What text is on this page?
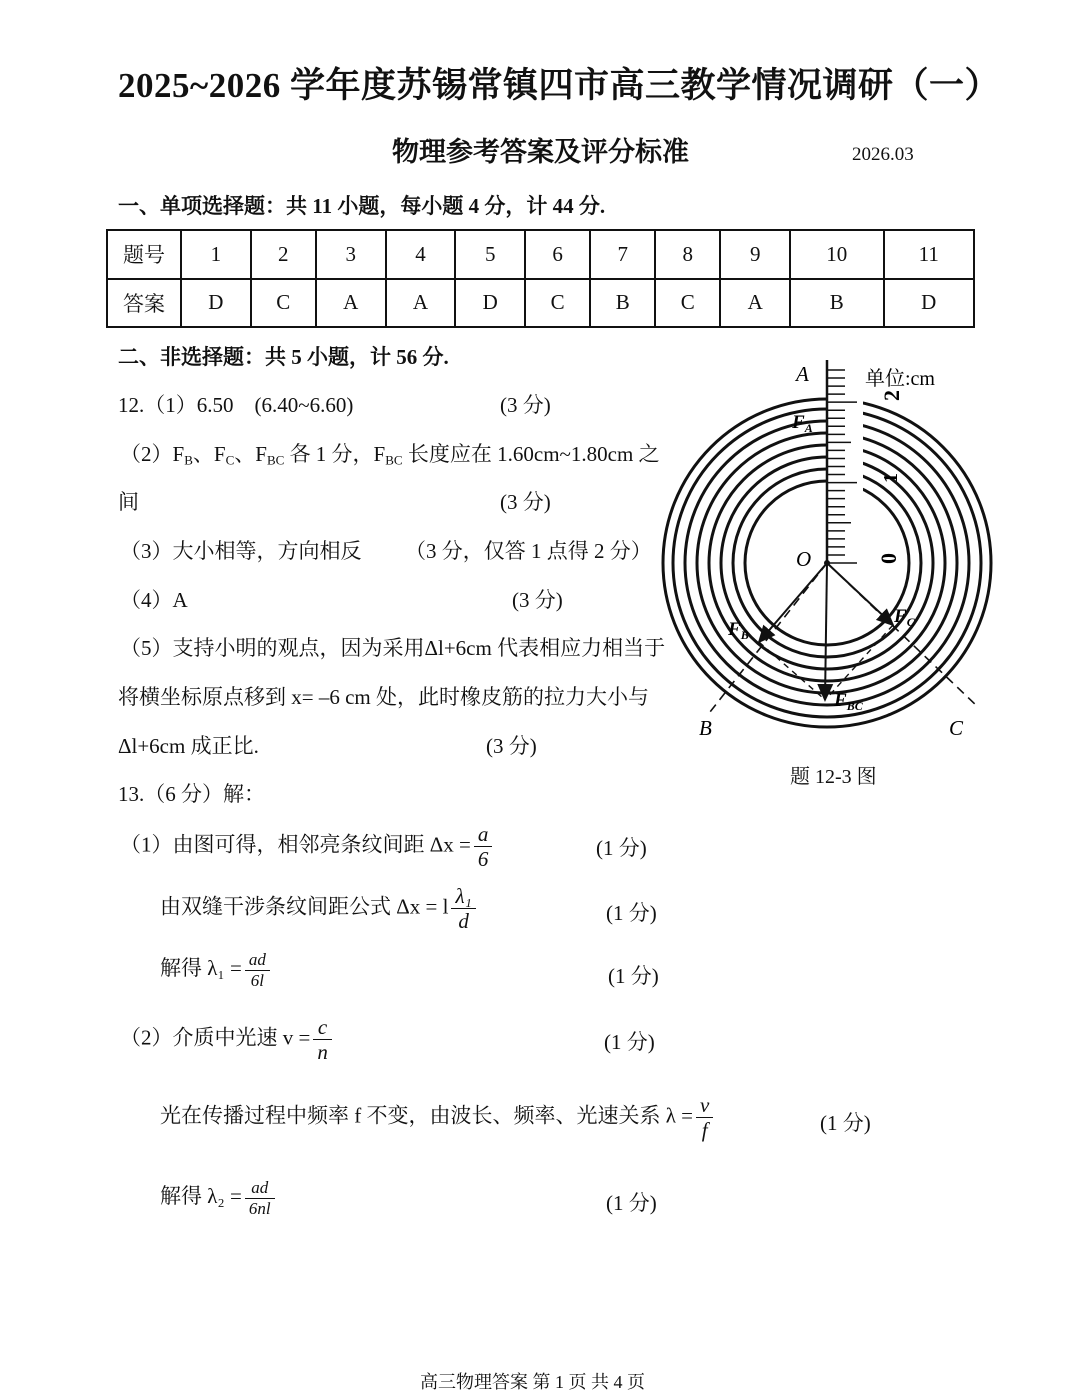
2025~2026 学年度苏锡常镇四市高三教学情况调研（一）
物理参考答案及评分标准	2026.03
一、单项选择题：共 11 小题，每小题 4 分，计 44 分.
题号	1	2	3	4	5	6	7	8	9	10	11
答案	D	C	A	A	D	C	B	C	A	B	D
二、非选择题：共 5 小题，计 56 分.
12.（1）6.50　(6.40~6.60)	(3 分)
$(2)F_B$、$F_C$、$F_{BC}$ 各 1 分，$F_{BC}$ 长度应在 1.60cm~1.80cm 之
间	(3 分)
（3）大小相等，方向相反 （3 分，仅答 1 点得 2 分）
（4）A	(3 分)
（5）支持小明的观点，因为采用Δl+6cm 代表相应力相当于
将横坐标原点移到 x= –6 cm 处，此时橡皮筋的拉力大小与
Δl+6cm 成正比.	(3 分)
13.（6 分）解：
（1）由图可得，相邻亮条纹间距 $\Delta x = \frac{a}{6}$	(1 分)
由双缝干涉条纹间距公式 Δx = l $\frac{\text{λ₁}}{d}$	(1 分)
解得 $\lambda_1 = \frac{ad}{6l}$	(1 分)
（2）介质中光速 $v = \frac{c}{n}$	(1 分)
光在传播过程中频率 f 不变，由波长、频率、光速关系 $\lambda = \frac{v}{f}$	(1 分)
解得 $\lambda_2 = \frac{ad}{6nl}$	(1 分)
0
1
2
单位:cm
A
O
B	C
$F_A$
$F_B$
$F_C$
$F_{BC}$
题 12-3 图
高三物理答案 第 1 页 共 4 页
